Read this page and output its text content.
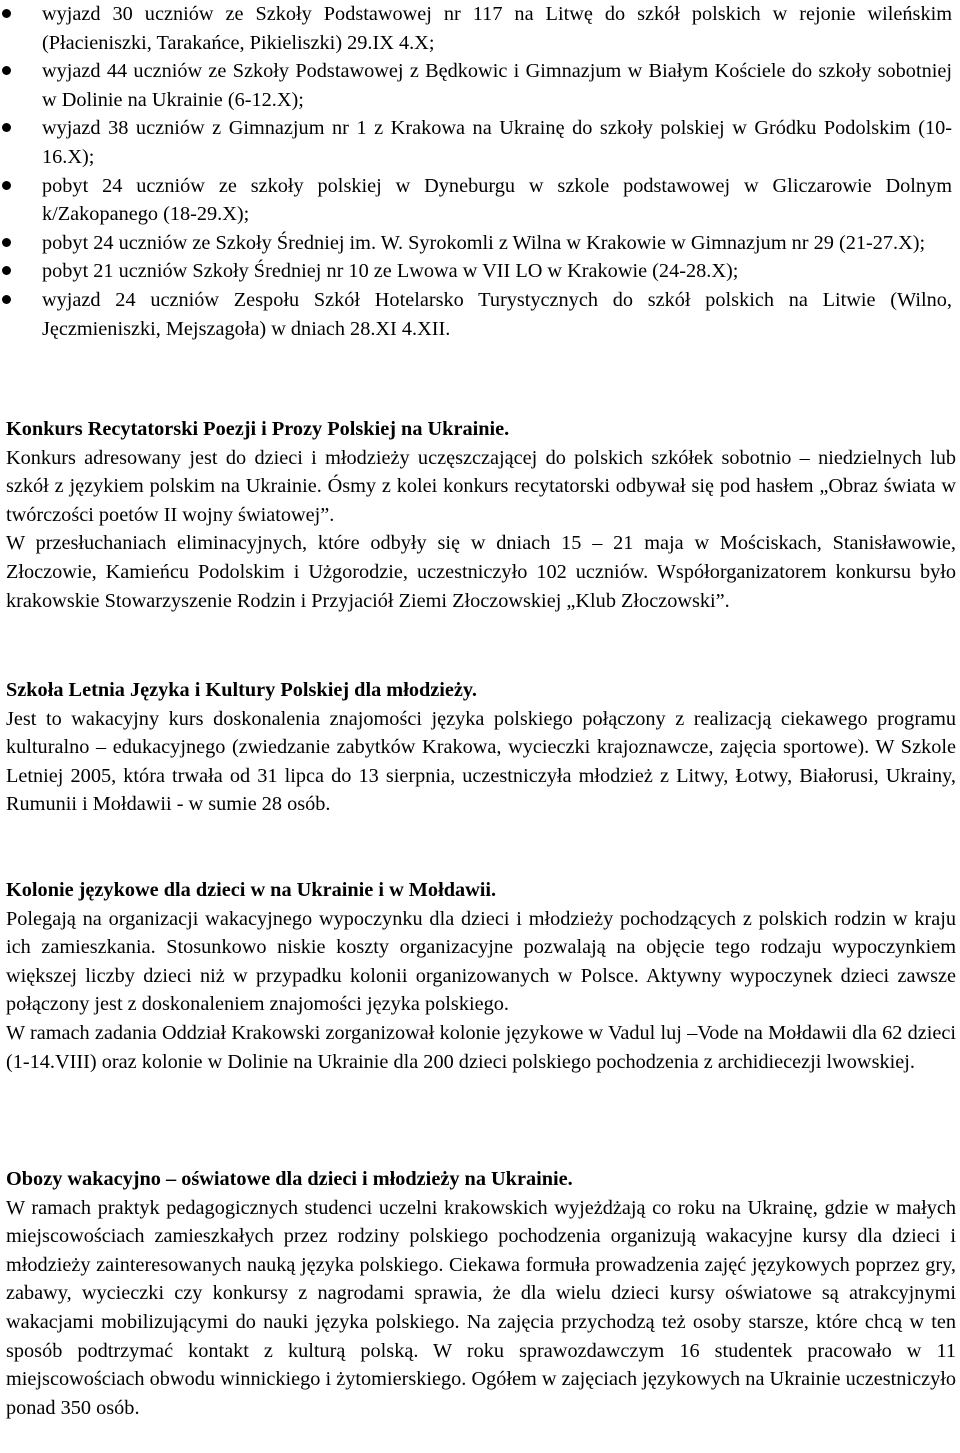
wyjazd 30 uczniów ze Szkoły Podstawowej nr 117 na Litwę do szkół polskich w rejonie wileńskim (Płacieniszki, Tarakańce, Pikieliszki) 29.IX 4.X;
wyjazd 44 uczniów ze Szkoły Podstawowej z Będkowic i Gimnazjum w Białym Kościele do szkoły sobotniej w Dolinie na Ukrainie (6-12.X);
wyjazd 38 uczniów z Gimnazjum nr 1 z Krakowa na Ukrainę do szkoły polskiej w Gródku Podolskim (10-16.X);
pobyt 24 uczniów ze szkoły polskiej w Dyneburgu w szkole podstawowej w Gliczarowie Dolnym k/Zakopanego (18-29.X);
pobyt 24 uczniów ze Szkoły Średniej im. W. Syrokomli z Wilna w Krakowie w Gimnazjum nr 29 (21-27.X);
pobyt 21 uczniów Szkoły Średniej nr 10 ze Lwowa w VII LO w Krakowie (24-28.X);
wyjazd 24 uczniów Zespołu Szkół Hotelarsko Turystycznych do szkół polskich na Litwie (Wilno, Jęczmieniszki, Mejszagoła) w dniach 28.XI 4.XII.
Konkurs Recytatorski Poezji i Prozy Polskiej na Ukrainie.
Konkurs adresowany jest do dzieci i młodzieży uczęszczającej do polskich szkółek sobotnio – niedzielnych lub szkół z językiem polskim na Ukrainie. Ósmy z kolei konkurs recytatorski odbywał się pod hasłem „Obraz świata w twórczości poetów II wojny światowej”.
W przesłuchaniach eliminacyjnych, które odbyły się w dniach 15 – 21 maja w Mościskach, Stanisławowie, Złoczowie, Kamieńcu Podolskim i Użgorodzie, uczestniczyło 102 uczniów. Współorganizatorem konkursu było krakowskie Stowarzyszenie Rodzin i Przyjaciół Ziemi Złoczowskiej „Klub Złoczowski”.
Szkoła Letnia Języka i Kultury Polskiej dla młodzieży.
Jest to wakacyjny kurs doskonalenia znajomości języka polskiego połączony z realizacją ciekawego programu kulturalno – edukacyjnego (zwiedzanie zabytków Krakowa, wycieczki krajoznawcze, zajęcia sportowe). W Szkole Letniej 2005, która trwała od 31 lipca do 13 sierpnia, uczestniczyła młodzież z Litwy, Łotwy, Białorusi, Ukrainy, Rumunii i Mołdawii - w sumie 28 osób.
Kolonie językowe dla dzieci w na Ukrainie i w Mołdawii.
Polegają na organizacji wakacyjnego wypoczynku dla dzieci i młodzieży pochodzących z polskich rodzin w kraju ich zamieszkania. Stosunkowo niskie koszty organizacyjne pozwalają na objęcie tego rodzaju wypoczynkiem większej liczby dzieci niż w przypadku kolonii organizowanych w Polsce. Aktywny wypoczynek dzieci zawsze połączony jest z doskonaleniem znajomości języka polskiego.
W ramach zadania Oddział Krakowski zorganizował kolonie językowe w Vadul luj –Vode na Mołdawii dla 62 dzieci (1-14.VIII) oraz kolonie w Dolinie na Ukrainie dla 200 dzieci polskiego pochodzenia z archidiecezji lwowskiej.
Obozy wakacyjno – oświatowe dla dzieci i młodzieży na Ukrainie.
W ramach praktyk pedagogicznych studenci uczelni krakowskich wyjeżdżają co roku na Ukrainę, gdzie w małych miejscowościach zamieszkałych przez rodziny polskiego pochodzenia organizują wakacyjne kursy dla dzieci i młodzieży zainteresowanych nauką języka polskiego. Ciekawa formuła prowadzenia zajęć językowych poprzez gry, zabawy, wycieczki czy konkursy z nagrodami sprawia, że dla wielu dzieci kursy oświatowe są atrakcyjnymi wakacjami mobilizującymi do nauki języka polskiego. Na zajęcia przychodzą też osoby starsze, które chcą w ten sposób podtrzymać kontakt z kulturą polską. W roku sprawozdawczym 16 studentek pracowało w 11 miejscowościach obwodu winnickiego i żytomierskiego. Ogółem w zajęciach językowych na Ukrainie uczestniczyło ponad 350 osób.
